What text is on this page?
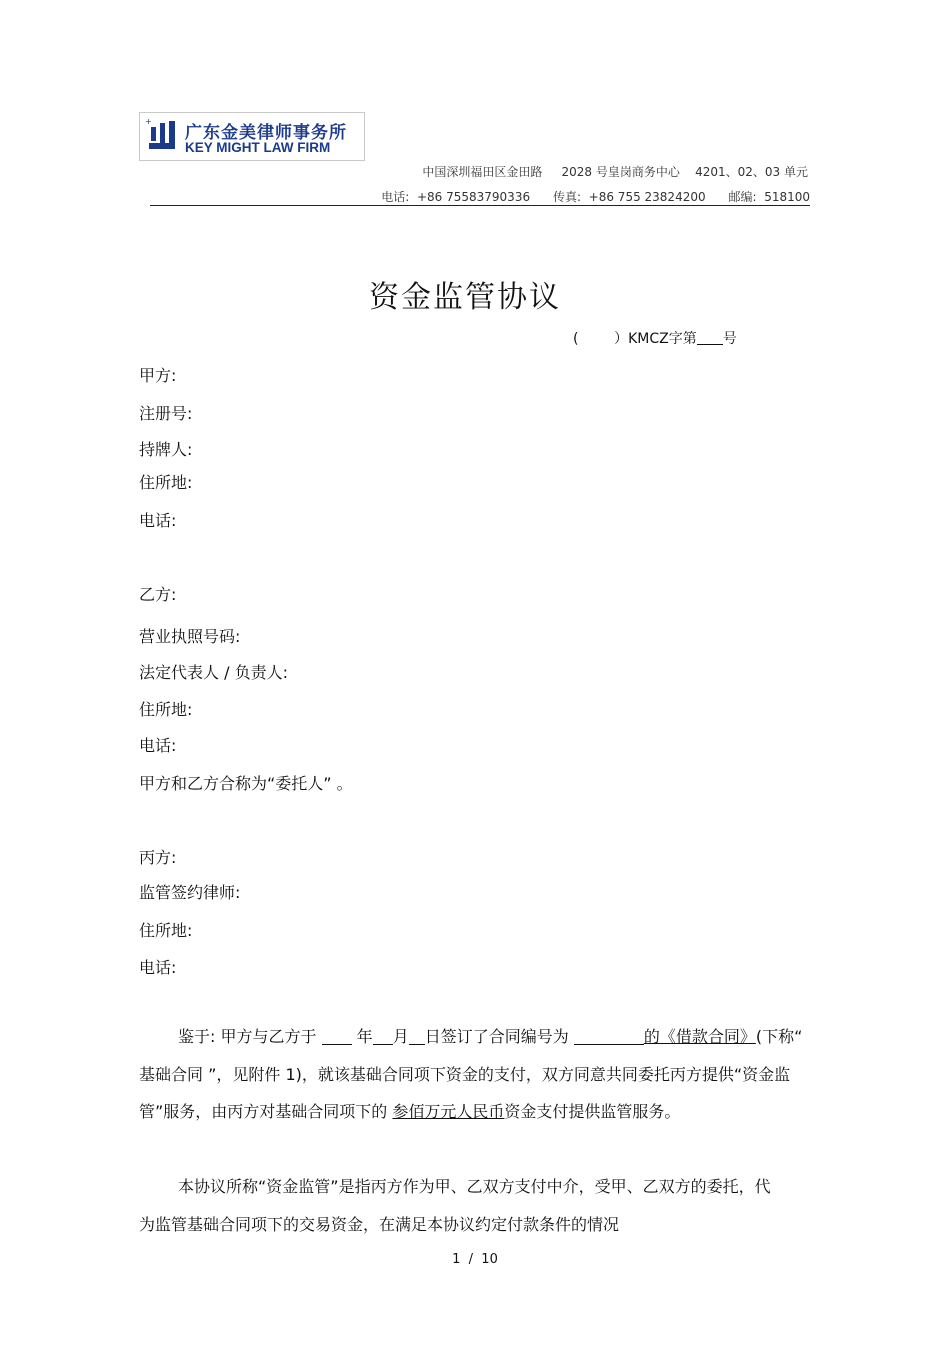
+
广东金美律师事务所
KEY MIGHT LAW FIRM
中国深圳福田区金田路     2028 号皇岗商务中心    4201、02、03 单元
电话: +86 75583790336 传真: +86 755 23824200 邮编: 518100
资金监管协议
(        ）KMCZ字第 号
甲方:
注册号:
持牌人:
住所地:
电话:
乙方:
营业执照号码:
法定代表人 / 负责人:
住所地:
电话:
甲方和乙方合称为“委托人” 。
丙方:
监管签约律师:
住所地:
电话:

鉴于: 甲方与乙方于	年 月 日签订了合同编号为	的《借款合同》(下称“ 基础合同 ”，见附件 1)，就该基础合同项下资金的支付，双方同意共同委托丙方提供“资金监管”服务，由丙方对基础合同项下的 参佰万元人民币资金支付提供监管服务。

本协议所称“资金监管”是指丙方作为甲、乙双方支付中介，受甲、乙双方的委托，代为监管基础合同项下的交易资金，在满足本协议约定付款条件的情况

1  /  10
